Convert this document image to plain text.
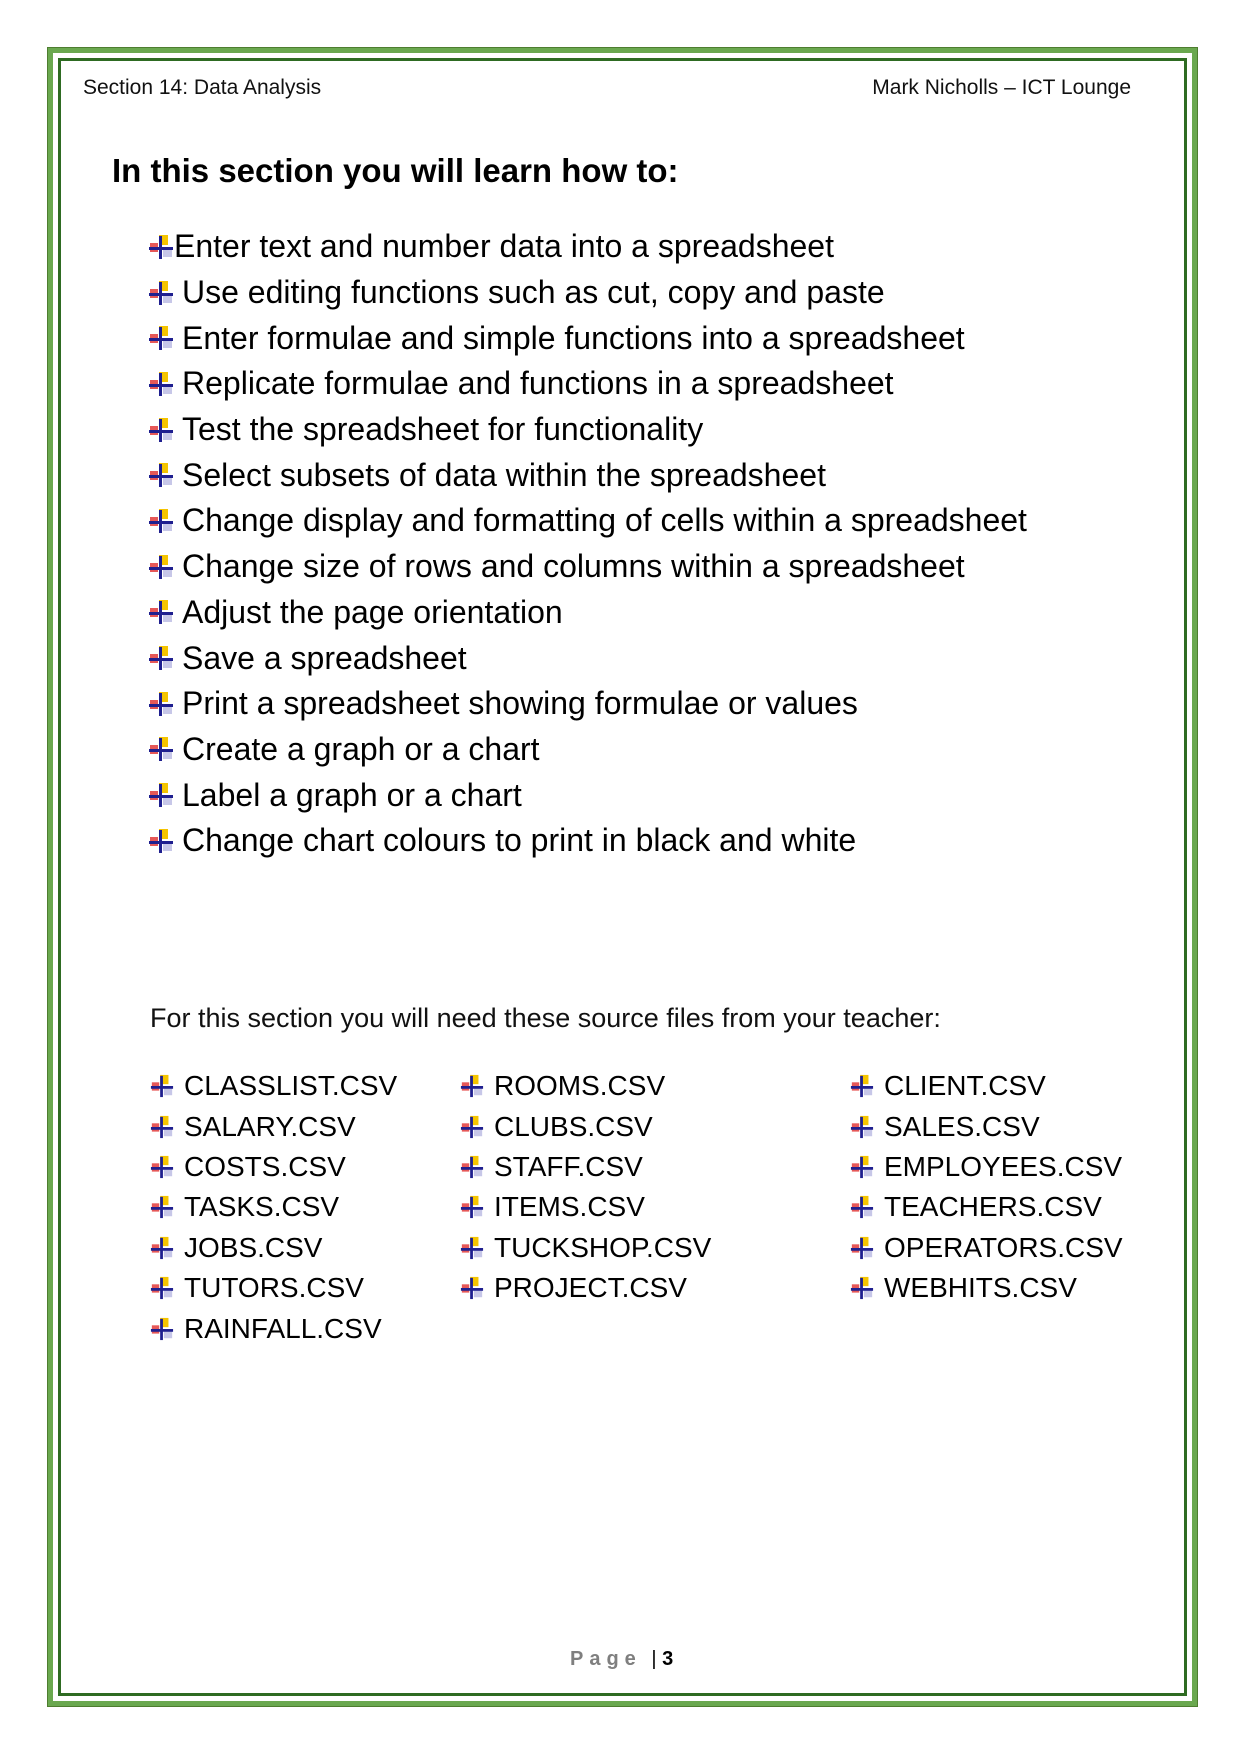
Section 14: Data Analysis	Mark Nicholls – ICT Lounge
In this section you will learn how to:
Enter text and number data into a spreadsheet
Use editing functions such as cut, copy and paste
Enter formulae and simple functions into a spreadsheet
Replicate formulae and functions in a spreadsheet
Test the spreadsheet for functionality
Select subsets of data within the spreadsheet
Change display and formatting of cells within a spreadsheet
Change size of rows and columns within a spreadsheet
Adjust the page orientation
Save a spreadsheet
Print a spreadsheet showing formulae or values
Create a graph or a chart
Label a graph or a chart
Change chart colours to print in black and white
For this section you will need these source files from your teacher:
CLASSLIST.CSV
SALARY.CSV
COSTS.CSV
TASKS.CSV
JOBS.CSV
TUTORS.CSV
RAINFALL.CSV
ROOMS.CSV
CLUBS.CSV
STAFF.CSV
ITEMS.CSV
TUCKSHOP.CSV
PROJECT.CSV
CLIENT.CSV
SALES.CSV
EMPLOYEES.CSV
TEACHERS.CSV
OPERATORS.CSV
WEBHITS.CSV
Page | 3
